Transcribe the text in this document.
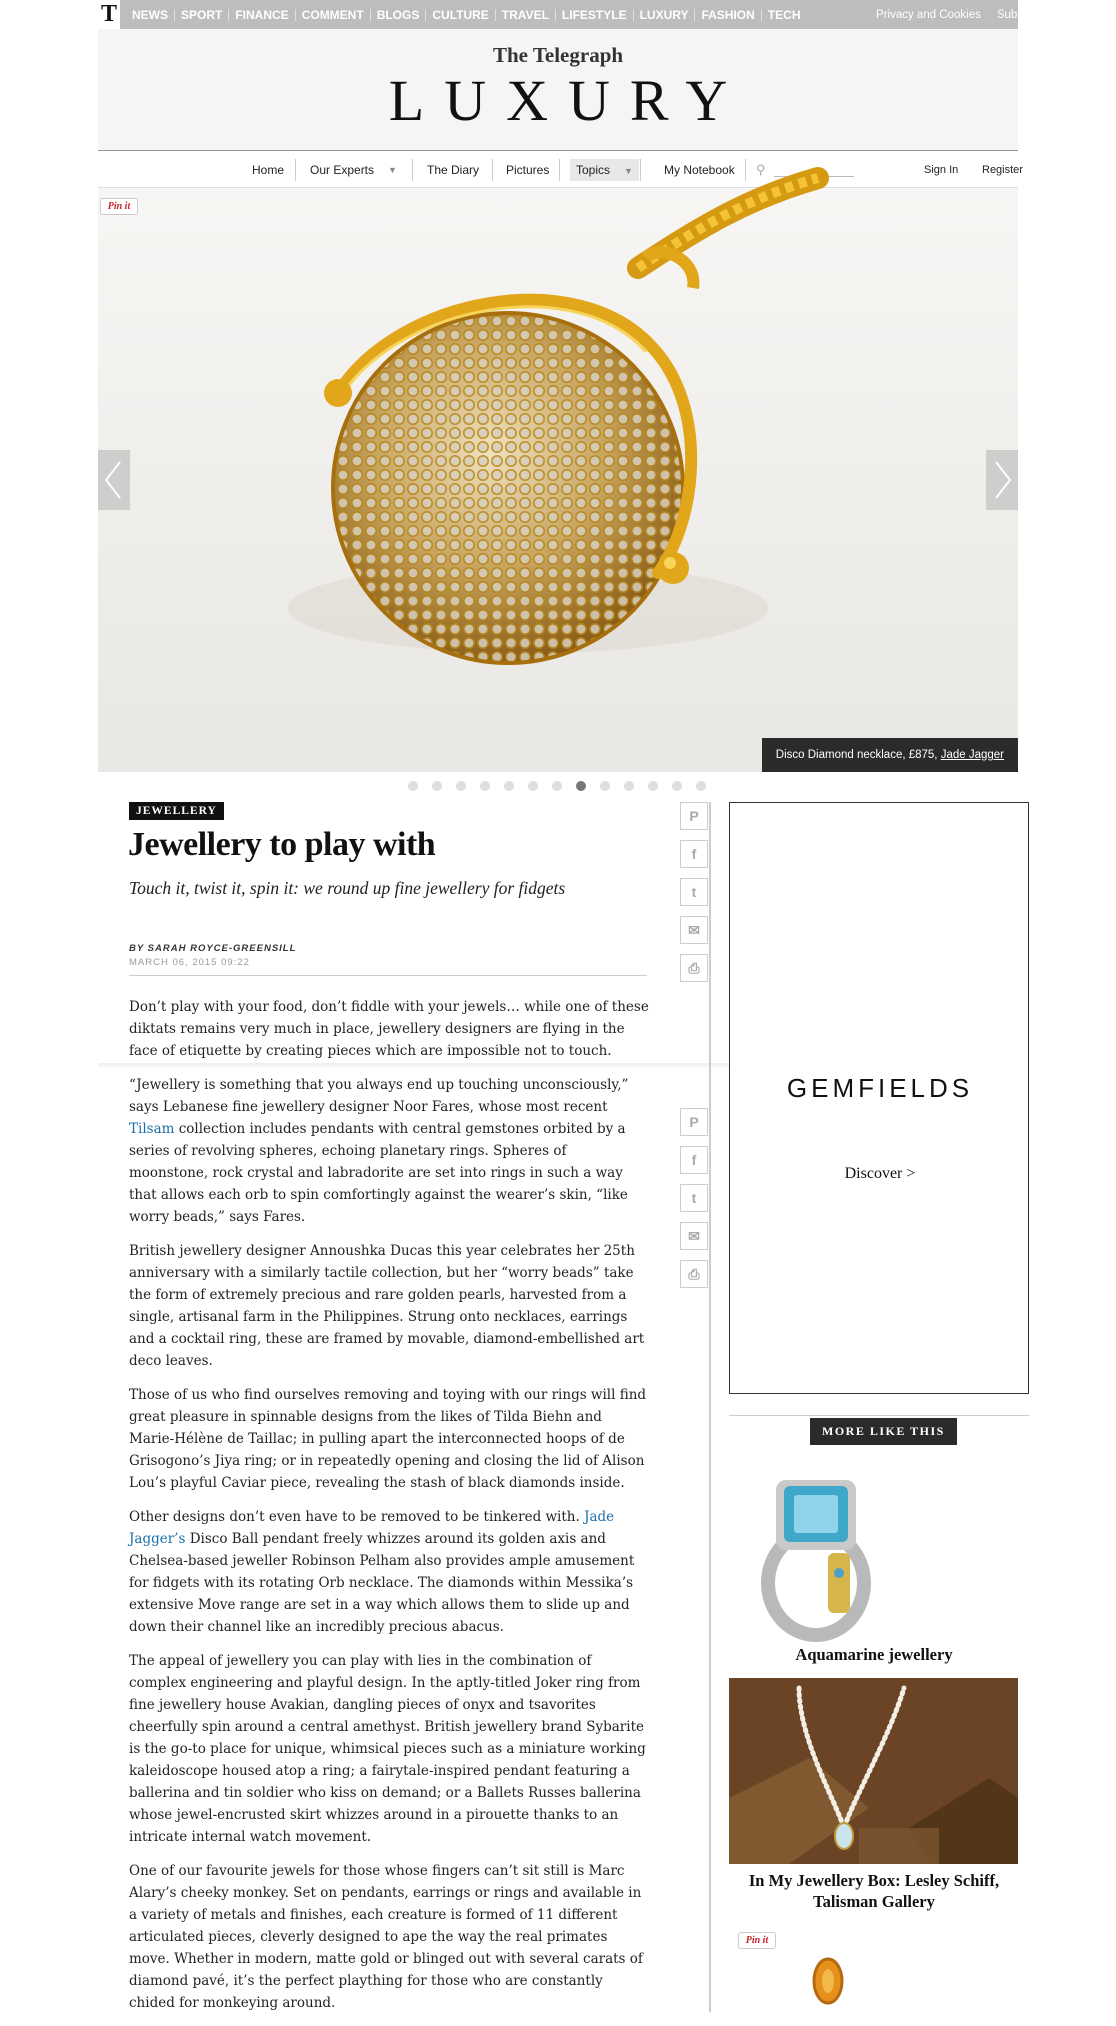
T	NEWS	SPORT	FINANCE	COMMENT	BLOGS	CULTURE	TRAVEL	LIFESTYLE	LUXURY	FASHION	TECH	Privacy and Cookies	Subscribe
The Telegraph
LUXURY
Home Our Experts ▼	The Diary Pictures	Topics ▼	My Notebook ⚲	Sign In Register
Pin it
Disco Diamond necklace, £875, Jade Jagger
JEWELLERY
Jewellery to play with
Touch it, twist it, spin it: we round up fine jewellery for fidgets
BY SARAH ROYCE-GREENSILL
MARCH 06, 2015 09:22

Don’t play with your food, don’t fiddle with your jewels… while one of these diktats remains very much in place, jewellery designers are flying in the face of etiquette by creating pieces which are impossible not to touch.

“Jewellery is something that you always end up touching unconsciously,” says Lebanese fine jewellery designer Noor Fares, whose most recent Tilsam collection includes pendants with central gemstones orbited by a series of revolving spheres, echoing planetary rings. Spheres of moonstone, rock crystal and labradorite are set into rings in such a way that allows each orb to spin comfortingly against the wearer’s skin, “like worry beads,” says Fares.

British jewellery designer Annoushka Ducas this year celebrates her 25th anniversary with a similarly tactile collection, but her “worry beads” take the form of extremely precious and rare golden pearls, harvested from a single, artisanal farm in the Philippines. Strung onto necklaces, earrings and a cocktail ring, these are framed by movable, diamond-embellished art deco leaves.

Those of us who find ourselves removing and toying with our rings will find great pleasure in spinnable designs from the likes of Tilda Biehn and Marie-Hélène de Taillac; in pulling apart the interconnected hoops of de Grisogono’s Jiya ring; or in repeatedly opening and closing the lid of Alison Lou’s playful Caviar piece, revealing the stash of black diamonds inside.

Other designs don’t even have to be removed to be tinkered with. Jade Jagger’s Disco Ball pendant freely whizzes around its golden axis and Chelsea-based jeweller Robinson Pelham also provides ample amusement for fidgets with its rotating Orb necklace. The diamonds within Messika’s extensive Move range are set in a way which allows them to slide up and down their channel like an incredibly precious abacus.

The appeal of jewellery you can play with lies in the combination of complex engineering and playful design. In the aptly-titled Joker ring from fine jewellery house Avakian, dangling pieces of onyx and tsavorites cheerfully spin around a central amethyst. British jewellery brand Sybarite is the go-to place for unique, whimsical pieces such as a miniature working kaleidoscope housed atop a ring; a fairytale-inspired pendant featuring a ballerina and tin soldier who kiss on demand; or a Ballets Russes ballerina whose jewel-encrusted skirt whizzes around in a pirouette thanks to an intricate internal watch movement.

One of our favourite jewels for those whose fingers can’t sit still is Marc Alary’s cheeky monkey. Set on pendants, earrings or rings and available in a variety of metals and finishes, each creature is formed of 11 different articulated pieces, cleverly designed to ape the way the real primates move. Whether in modern, matte gold or blinged out with several carats of diamond pavé, it’s the perfect plaything for those who are constantly chided for monkeying around.

P
f
t
✉
⎙
P
f
t
✉
⎙
GEMFIELDS
Discover >
MORE LIKE THIS
Aquamarine jewellery
In My Jewellery Box: Lesley Schiff, Talisman Gallery
Pin it
